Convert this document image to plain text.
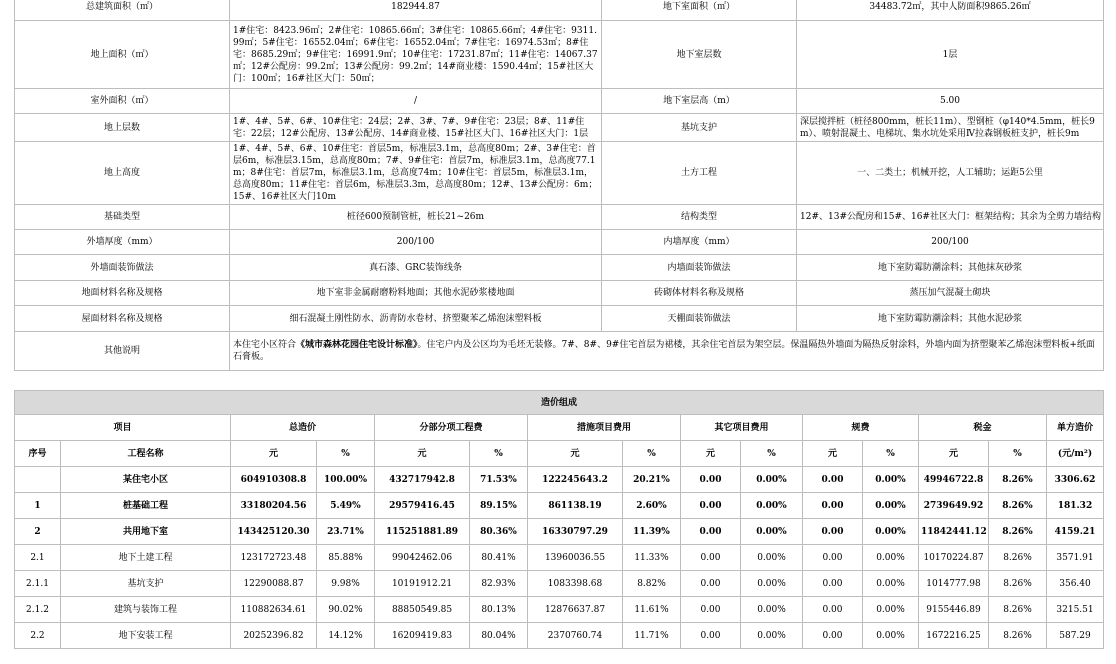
总建筑面积（㎡）	182944.87	地下室面积（㎡）	34483.72㎡，其中人防面积9865.26㎡
地上面积（㎡）	1#住宅：8423.96㎡；2#住宅：10865.66㎡；3#住宅：10865.66㎡；4#住宅：9311.99㎡；5#住宅：16552.04㎡；6#住宅：16552.04㎡；7#住宅：16974.53㎡；8#住宅：8685.29㎡；9#住宅：16991.9㎡；10#住宅：17231.87㎡；11#住宅：14067.37㎡；12#公配房：99.2㎡；13#公配房：99.2㎡；14#商业楼：1590.44㎡；15#社区大门：100㎡；16#社区大门：50㎡；	地下室层数	1层
室外面积（㎡）	/	地下室层高（m）	5.00
地上层数	1#、4#、5#、6#、10#住宅：24层；2#、3#、7#、9#住宅：23层；8#、11#住宅：22层；12#公配房、13#公配房、14#商业楼、15#社区大门、16#社区大门：1层	基坑支护	深层搅拌桩（桩径800mm，桩长11m）、型钢桩（φ140*4.5mm，桩长9m）、喷射混凝土、电梯坑、集水坑处采用Ⅳ拉森钢板桩支护，桩长9m
地上高度	1#、4#、5#、6#、10#住宅：首层5m，标准层3.1m，总高度80m；2#、3#住宅：首层6m，标准层3.15m，总高度80m；7#、9#住宅：首层7m，标准层3.1m，总高度77.1m；8#住宅：首层7m，标准层3.1m，总高度74m；10#住宅：首层5m，标准层3.1m，总高度80m；11#住宅：首层6m，标准层3.3m，总高度80m；12#、13#公配房：6m；15#、16#社区大门10m	土方工程	一、二类土；机械开挖，人工辅助；运距5公里
基础类型	桩径600预制管桩，桩长21~26m	结构类型	12#、13#公配房和15#、16#社区大门：框架结构；其余为全剪力墙结构
外墙厚度（mm）	200/100	内墙厚度（mm）	200/100
外墙面装饰做法	真石漆、GRC装饰线条	内墙面装饰做法	地下室防霉防潮涂料；其他抹灰砂浆
地面材料名称及规格	地下室非金属耐磨粉料地面；其他水泥砂浆楼地面	砖砌体材料名称及规格	蒸压加气混凝土砌块
屋面材料名称及规格	细石混凝土刚性防水、沥青防水卷材、挤塑聚苯乙烯泡沫塑料板	天棚面装饰做法	地下室防霉防潮涂料；其他水泥砂浆
其他说明	本住宅小区符合《城市森林花园住宅设计标准》。住宅户内及公区均为毛坯无装修。7#、8#、9#住宅首层为裙楼，其余住宅首层为架空层。保温隔热外墙面为隔热反射涂料，外墙内面为挤塑聚苯乙烯泡沫塑料板+纸面石膏板。		
造价组成														
项目		总造价		分部分项工程费		措施项目费用		其它项目费用		规费		税金		单方造价
序号	工程名称	元	%	元	%	元	%	元	%	元	%	元	%	(元/m²)
	某住宅小区	604910308.8	100.00%	432717942.8	71.53%	122245643.2	20.21%	0.00	0.00%	0.00	0.00%	49946722.8	8.26%	3306.62
1	桩基础工程	33180204.56	5.49%	29579416.45	89.15%	861138.19	2.60%	0.00	0.00%	0.00	0.00%	2739649.92	8.26%	181.32
2	共用地下室	143425120.30	23.71%	115251881.89	80.36%	16330797.29	11.39%	0.00	0.00%	0.00	0.00%	11842441.12	8.26%	4159.21
2.1	地下土建工程	123172723.48	85.88%	99042462.06	80.41%	13960036.55	11.33%	0.00	0.00%	0.00	0.00%	10170224.87	8.26%	3571.91
2.1.1	基坑支护	12290088.87	9.98%	10191912.21	82.93%	1083398.68	8.82%	0.00	0.00%	0.00	0.00%	1014777.98	8.26%	356.40
2.1.2	建筑与装饰工程	110882634.61	90.02%	88850549.85	80.13%	12876637.87	11.61%	0.00	0.00%	0.00	0.00%	9155446.89	8.26%	3215.51
2.2	地下安装工程	20252396.82	14.12%	16209419.83	80.04%	2370760.74	11.71%	0.00	0.00%	0.00	0.00%	1672216.25	8.26%	587.29
